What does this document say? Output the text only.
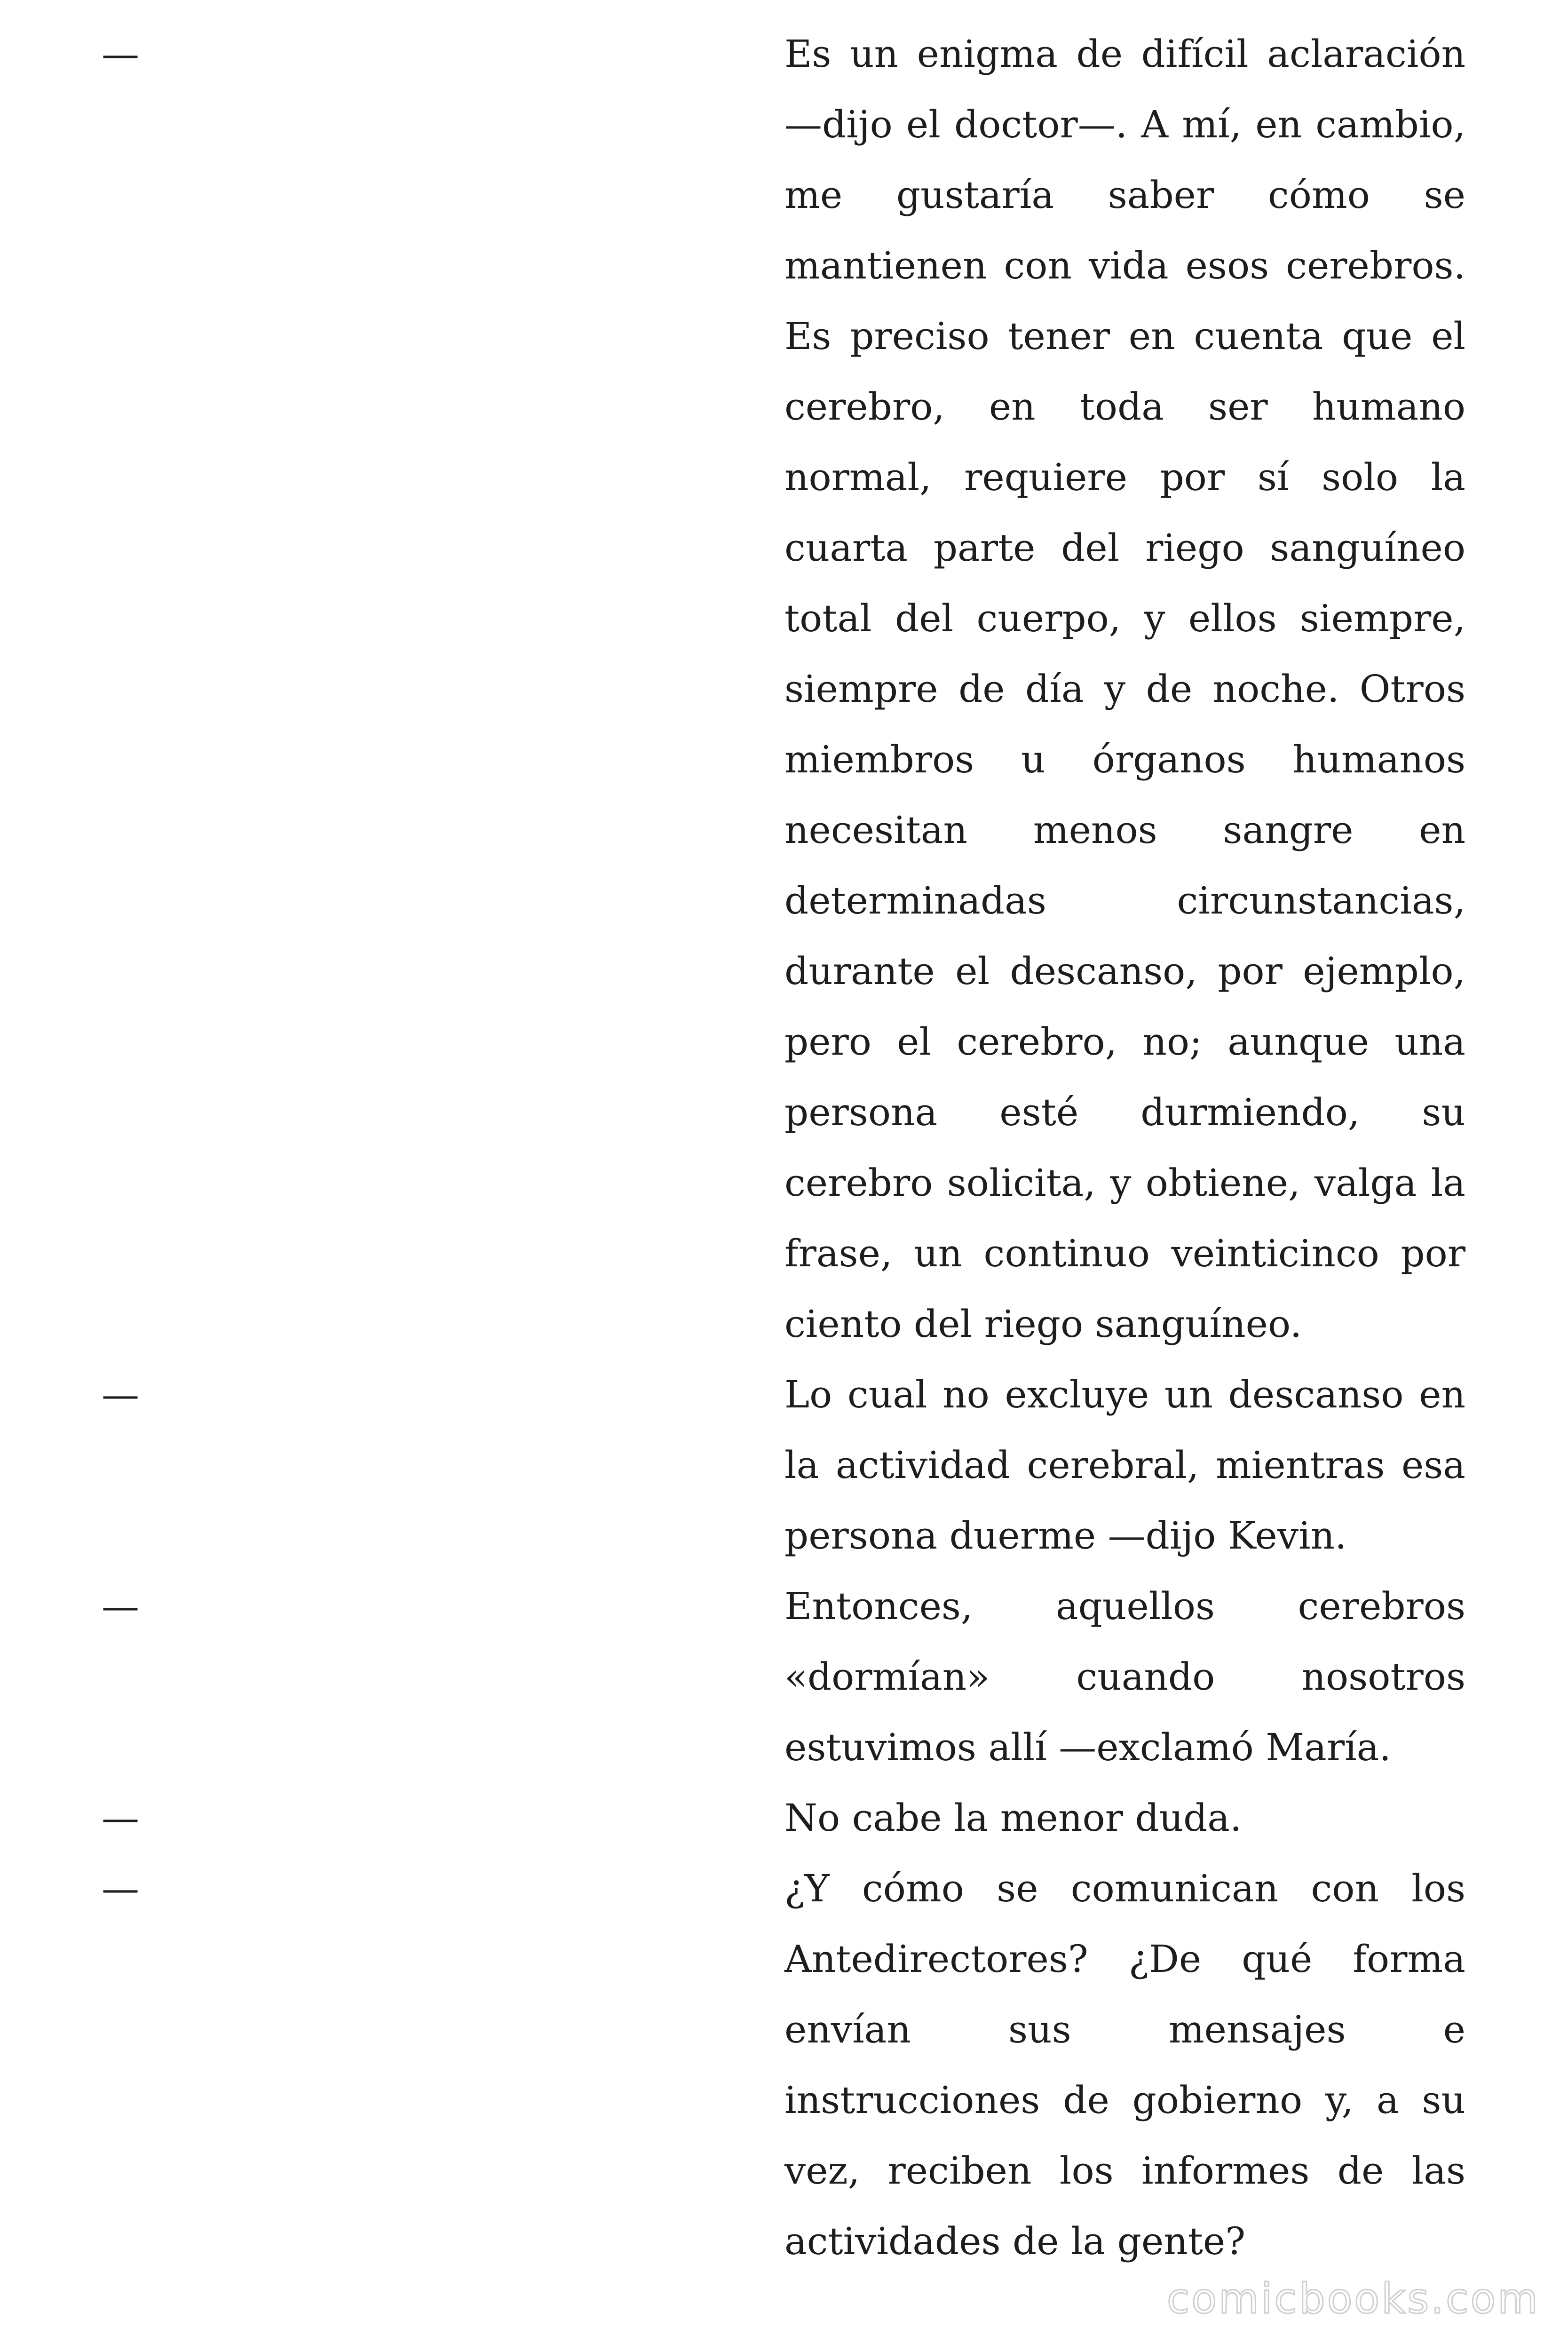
—	Es un enigma de difícil aclaración —dijo el doctor—. A mí, en cambio, me gustaría saber cómo se mantienen con vida esos cerebros. Es preciso tener en cuenta que el cerebro, en toda ser humano normal, requiere por sí solo la cuarta parte del riego sanguíneo total del cuerpo, y ellos siempre, siempre de día y de noche. Otros miembros u órganos humanos necesitan menos sangre en determinadas circunstancias, durante el descanso, por ejemplo, pero el cerebro, no; aunque una persona esté durmiendo, su cerebro solicita, y obtiene, valga la frase, un continuo veinticinco por ciento del riego sanguíneo.

—	Lo cual no excluye un descanso en la actividad cerebral, mientras esa persona duerme —dijo Kevin.

—	Entonces, aquellos cerebros «dormían» cuando nosotros estuvimos allí —exclamó María.

—	No cabe la menor duda.

—	¿Y cómo se comunican con los Antedirectores? ¿De qué forma envían sus mensajes e instrucciones de gobierno y, a su vez, reciben los informes de las actividades de la gente?

comicbooks.com
